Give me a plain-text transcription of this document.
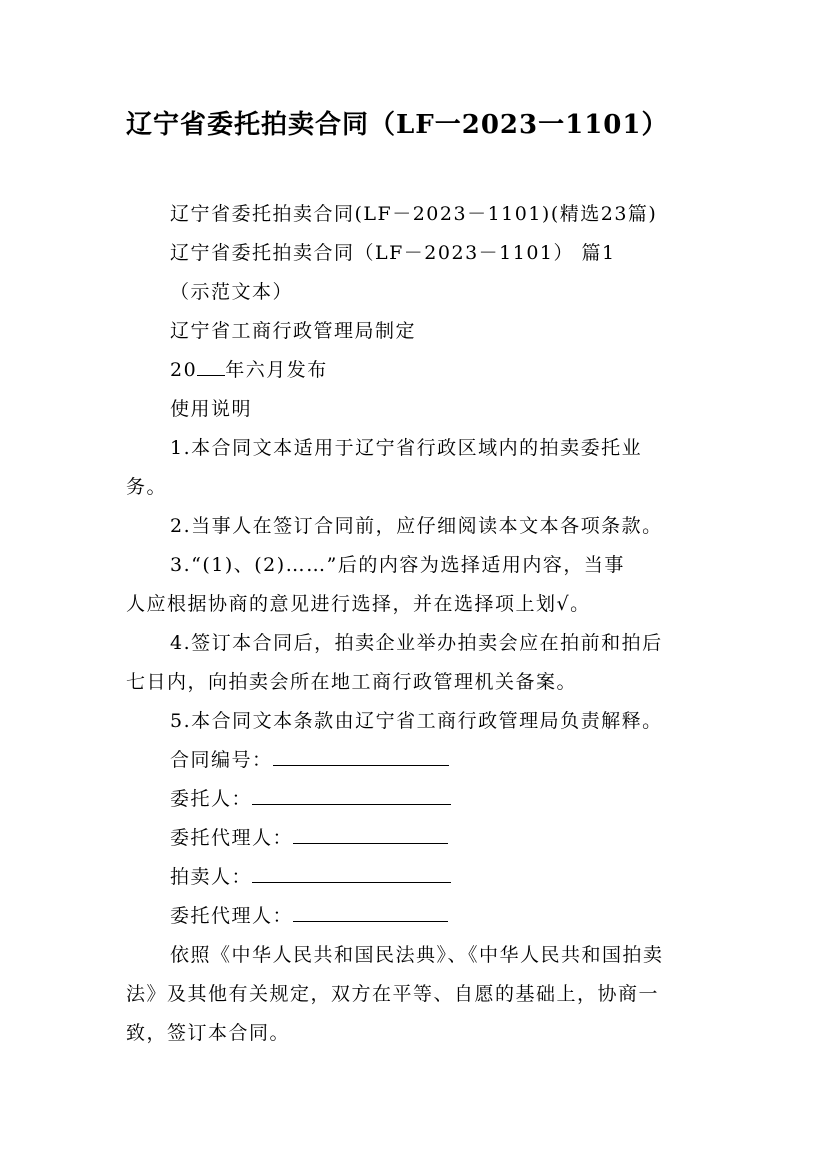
辽宁省委托拍卖合同（LF一2023一1101）
辽宁省委托拍卖合同(LF－2023－1101)(精选23篇)
辽宁省委托拍卖合同（LF－2023－1101） 篇1
（示范文本）
辽宁省工商行政管理局制定
20 年六月发布
使用说明
1.本合同文本适用于辽宁省行政区域内的拍卖委托业
务。
2.当事人在签订合同前，应仔细阅读本文本各项条款。
3.“(1)、(2)……”后的内容为选择适用内容，当事
人应根据协商的意见进行选择，并在选择项上划√。
4.签订本合同后，拍卖企业举办拍卖会应在拍前和拍后
七日内，向拍卖会所在地工商行政管理机关备案。
5.本合同文本条款由辽宁省工商行政管理局负责解释。
合同编号：
委托人：
委托代理人：
拍卖人：
委托代理人：
依照《中华人民共和国民法典》、《中华人民共和国拍卖
法》及其他有关规定，双方在平等、自愿的基础上，协商一
致，签订本合同。
